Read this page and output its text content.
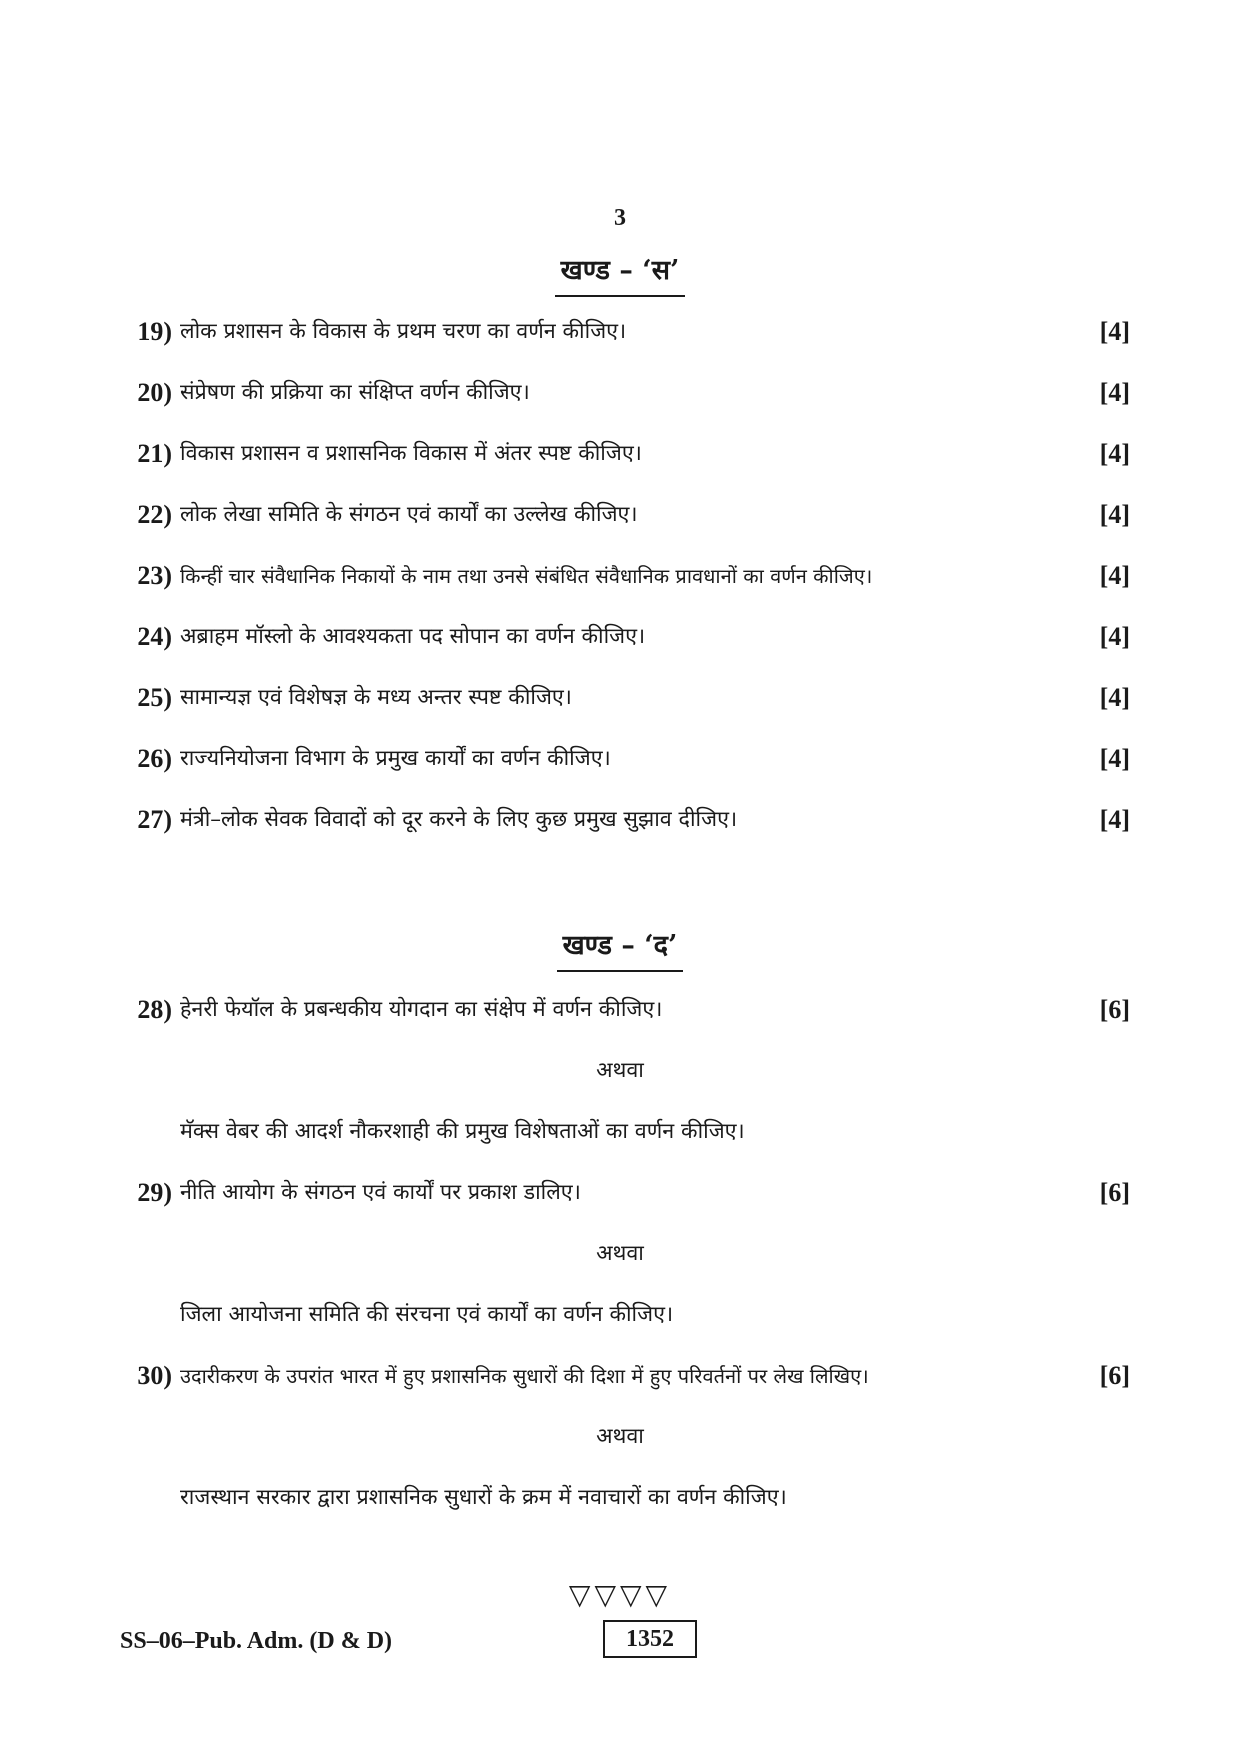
3
खण्ड – ‘स’
19) लोक प्रशासन के विकास के प्रथम चरण का वर्णन कीजिए।	[4]
20) संप्रेषण की प्रक्रिया का संक्षिप्त वर्णन कीजिए।	[4]
21) विकास प्रशासन व प्रशासनिक विकास में अंतर स्पष्ट कीजिए।	[4]
22) लोक लेखा समिति के संगठन एवं कार्यों का उल्लेख कीजिए।	[4]
23) किन्हीं चार संवैधानिक निकायों के नाम तथा उनसे संबंधित संवैधानिक प्रावधानों का वर्णन कीजिए।	[4]
24) अब्राहम मॉस्लो के आवश्यकता पद सोपान का वर्णन कीजिए।	[4]
25) सामान्यज्ञ एवं विशेषज्ञ के मध्य अन्तर स्पष्ट कीजिए।	[4]
26) राज्यनियोजना विभाग के प्रमुख कार्यों का वर्णन कीजिए।	[4]
27) मंत्री–लोक सेवक विवादों को दूर करने के लिए कुछ प्रमुख सुझाव दीजिए।	[4]
खण्ड – ‘द’
28) हेनरी फेयॉल के प्रबन्धकीय योगदान का संक्षेप में वर्णन कीजिए।	[6]
अथवा
मॅक्स वेबर की आदर्श नौकरशाही की प्रमुख विशेषताओं का वर्णन कीजिए।
29) नीति आयोग के संगठन एवं कार्यों पर प्रकाश डालिए।	[6]
अथवा
जिला आयोजना समिति की संरचना एवं कार्यों का वर्णन कीजिए।
30) उदारीकरण के उपरांत भारत में हुए प्रशासनिक सुधारों की दिशा में हुए परिवर्तनों पर लेख लिखिए।	[6]
अथवा
राजस्थान सरकार द्वारा प्रशासनिक सुधारों के क्रम में नवाचारों का वर्णन कीजिए।
▽▽▽▽
SS–06–Pub. Adm. (D & D)	1352
